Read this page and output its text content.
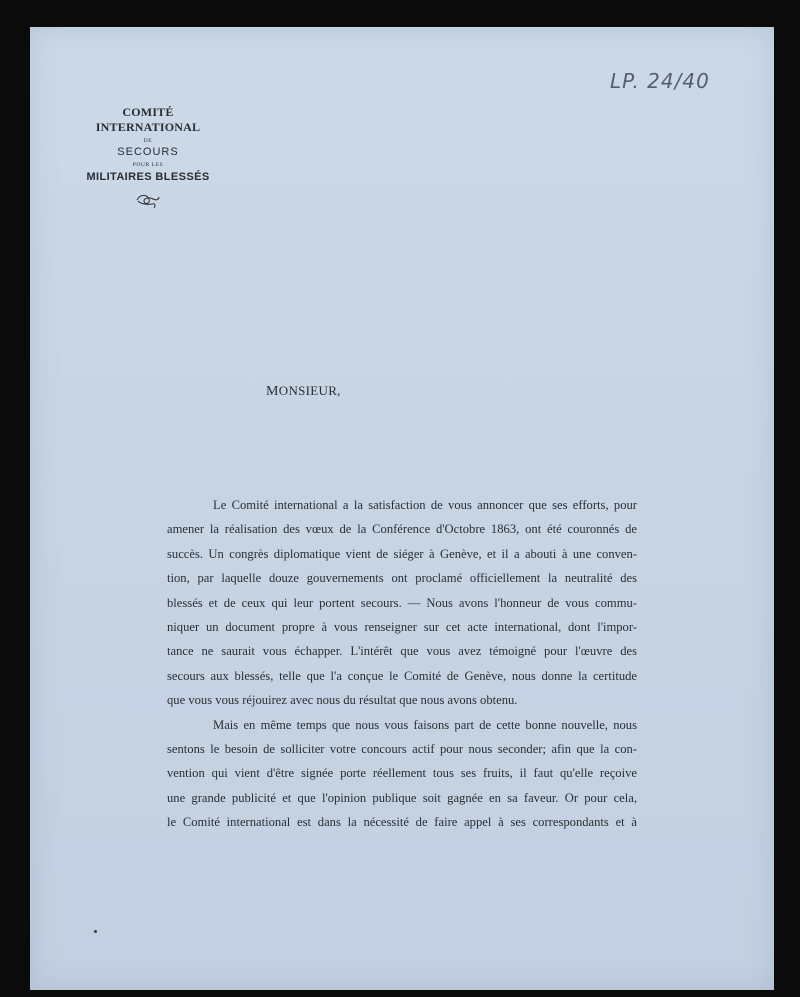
LP. 24/40
COMITÉ INTERNATIONAL
DE
SECOURS
POUR LES
MILITAIRES BLESSÉS
MONSIEUR,
Le Comité international a la satisfaction de vous annoncer que ses efforts, pour
amener la réalisation des vœux de la Conférence d'Octobre 1863, ont été couronnés de
succès. Un congrès diplomatique vient de siéger à Genève, et il a abouti à une conven-
tion, par laquelle douze gouvernements ont proclamé officiellement la neutralité des
blessés et de ceux qui leur portent secours. — Nous avons l'honneur de vous commu-
niquer un document propre à vous renseigner sur cet acte international, dont l'impor-
tance ne saurait vous échapper. L'intérêt que vous avez témoigné pour l'œuvre des
secours aux blessés, telle que l'a conçue le Comité de Genève, nous donne la certitude
que vous vous réjouirez avec nous du résultat que nous avons obtenu.
Mais en même temps que nous vous faisons part de cette bonne nouvelle, nous
sentons le besoin de solliciter votre concours actif pour nous seconder; afin que la con-
vention qui vient d'être signée porte réellement tous ses fruits, il faut qu'elle reçoive
une grande publicité et que l'opinion publique soit gagnée en sa faveur. Or pour cela,
le Comité international est dans la nécessité de faire appel à ses correspondants et à
